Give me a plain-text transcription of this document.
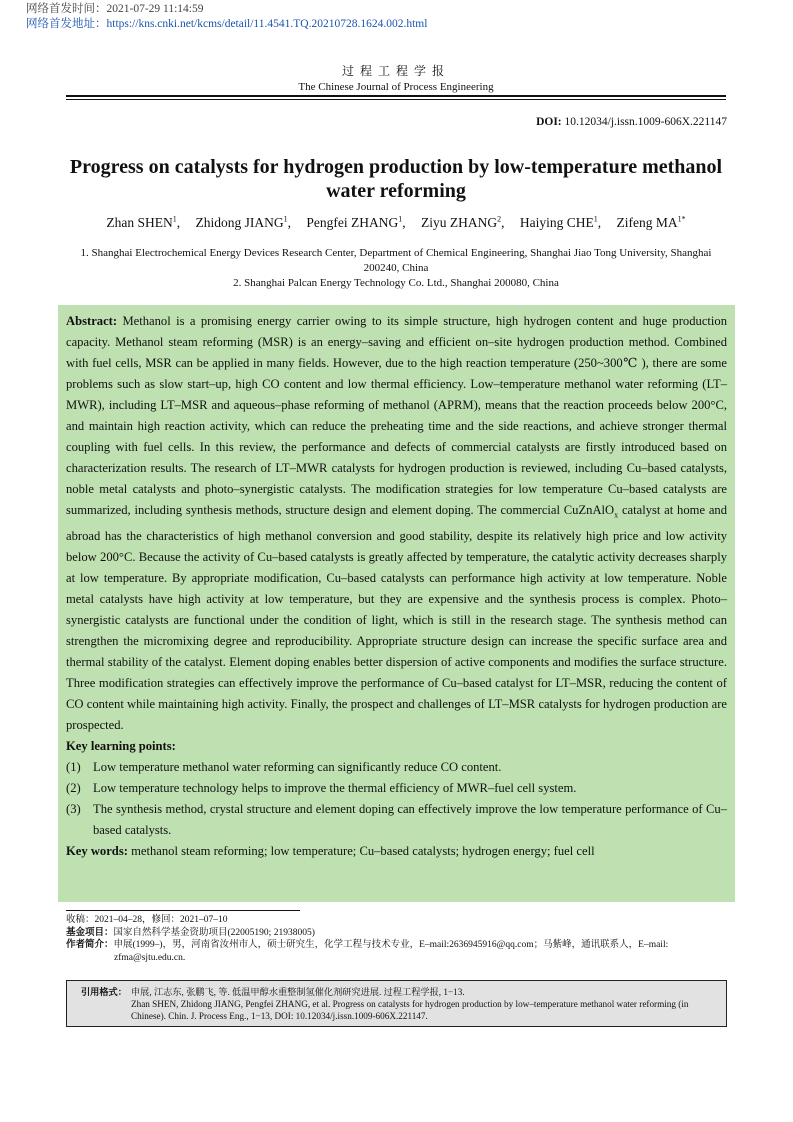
网络首发时间：2021-07-29 11:14:59
网络首发地址：https://kns.cnki.net/kcms/detail/11.4541.TQ.20210728.1624.002.html
过程工程学报
The Chinese Journal of Process Engineering
DOI: 10.12034/j.issn.1009-606X.221147
Progress on catalysts for hydrogen production by low-temperature methanol water reforming
Zhan SHEN$^1$, Zhidong JIANG$^1$, Pengfei ZHANG$^1$, Ziyu ZHANG$^2$, Haiying CHE$^1$, Zifeng $MA^{1*}$
1. Shanghai Electrochemical Energy Devices Research Center, Department of Chemical Engineering, Shanghai Jiao Tong University, Shanghai 200240, China
2. Shanghai Palcan Energy Technology Co. Ltd., Shanghai 200080, China

Abstract: Methanol is a promising energy carrier owing to its simple structure, high hydrogen content and huge production capacity. Methanol steam reforming (MSR) is an energy–saving and efficient on–site hydrogen production method. Combined with fuel cells, MSR can be applied in many fields. However, due to the high reaction temperature (250~300℃ ), there are some problems such as slow start–up, high CO content and low thermal efficiency. Low–temperature methanol water reforming (LT–MWR), including LT–MSR and aqueous–phase reforming of methanol (APRM), means that the reaction proceeds below 200°C, and maintain high reaction activity, which can reduce the preheating time and the side reactions, and achieve stronger thermal coupling with fuel cells. In this review, the performance and defects of commercial catalysts are firstly introduced based on characterization results. The research of LT–MWR catalysts for hydrogen production is reviewed, including Cu–based catalysts, noble metal catalysts and photo–synergistic catalysts. The modification strategies for low temperature Cu–based catalysts are summarized, including synthesis methods, structure design and element doping. The commercial CuZnAlO$_x$ catalyst at home and abroad has the characteristics of high methanol conversion and good stability, despite its relatively high price and low activity below 200°C. Because the activity of Cu–based catalysts is greatly affected by temperature, the catalytic activity decreases sharply at low temperature. By appropriate modification, Cu–based catalysts can performance high activity at low temperature. Noble metal catalysts have high activity at low temperature, but they are expensive and the synthesis process is complex. Photo–synergistic catalysts are functional under the condition of light, which is still in the research stage. The synthesis method can strengthen the micromixing degree and reproducibility. Appropriate structure design can increase the specific surface area and thermal stability of the catalyst. Element doping enables better dispersion of active components and modifies the surface structure. Three modification strategies can effectively improve the performance of Cu–based catalyst for LT–MSR, reducing the content of CO content while maintaining high activity. Finally, the prospect and challenges of LT–MSR catalysts for hydrogen production are prospected.

Key learning points:

(1) Low temperature methanol water reforming can significantly reduce CO content.
(2) Low temperature technology helps to improve the thermal efficiency of MWR–fuel cell system.
(3) The synthesis method, crystal structure and element doping can effectively improve the low temperature performance of Cu–based catalysts.

Key words: methanol steam reforming; low temperature; Cu–based catalysts; hydrogen energy; fuel cell

收稿：2021–04–28，修回：2021–07–10
基金项目：国家自然科学基金资助项目(22005190; 21938005)
作者简介：申展(1999–)，男，河南省汝州市人，硕士研究生，化学工程与技术专业，E–mail:2636945916@qq.com；马紫峰，通讯联系人，E–mail:
zfma@sjtu.edu.cn.
引用格式： 申展, 江志东, 张鹏飞, 等. 低温甲醇水重整制氢催化剂研究进展. 过程工程学报, 1−13.
Zhan SHEN, Zhidong JIANG, Pengfei ZHANG, et al. Progress on catalysts for hydrogen production by low–temperature methanol water reforming (in Chinese). Chin. J. Process Eng., 1−13, DOI: 10.12034/j.issn.1009-606X.221147.
